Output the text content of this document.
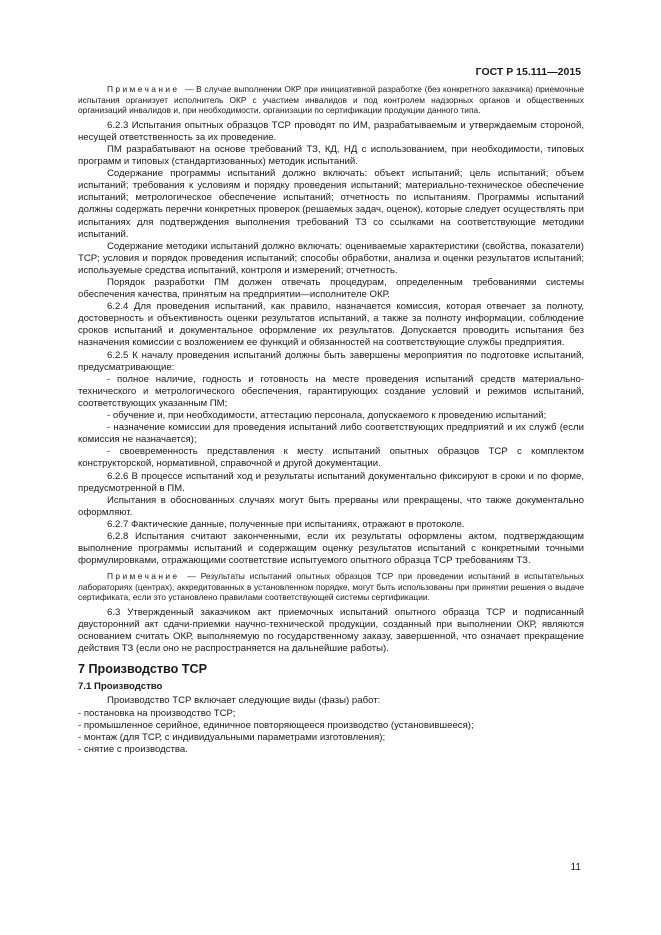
ГОСТ Р 15.111—2015

Примечание — В случае выполнении ОКР при инициативной разработке (без конкретного заказчика) приемочные испытания организует исполнитель ОКР с участием инвалидов и под контролем надзорных органов и общественных организаций инвалидов и, при необходимости, организации по сертификации продукции данного типа.

6.2.3 Испытания опытных образцов ТСР проводят по ИМ, разрабатываемым и утверждаемым стороной, несущей ответственность за их проведение.

ПМ разрабатывают на основе требований ТЗ, КД, НД с использованием, при необходимости, типовых программ и типовых (стандартизованных) методик испытаний.

Содержание программы испытаний должно включать: объект испытаний; цель испытаний; объем испытаний; требования к условиям и порядку проведения испытаний; материально-техническое обеспечение испытаний; метрологическое обеспечение испытаний; отчетность по испытаниям. Программы испытаний должны содержать перечни конкретных проверок (решаемых задач, оценок), которые следует осуществлять при испытаниях для подтверждения выполнения требований ТЗ со ссылками на соответствующие методики испытаний.

Содержание методики испытаний должно включать: оцениваемые характеристики (свойства, показатели) ТСР; условия и порядок проведения испытаний; способы обработки, анализа и оценки результатов испытаний; используемые средства испытаний, контроля и измерений; отчетность.

Порядок разработки ПМ должен отвечать процедурам, определенным требованиями системы обеспечения качества, принятым на предприятии—исполнителе ОКР.

6.2.4 Для проведения испытаний, как правило, назначается комиссия, которая отвечает за полноту, достоверность и объективность оценки результатов испытаний, а также за полноту информации, соблюдение сроков испытаний и документальное оформление их результатов. Допускается проводить испытания без назначения комиссии с возложением ее функций и обязанностей на соответствующие службы предприятия.

6.2.5 К началу проведения испытаний должны быть завершены мероприятия по подготовке испытаний, предусматривающие:

- полное наличие, годность и готовность на месте проведения испытаний средств материально-технического и метрологического обеспечения, гарантирующих создание условий и режимов испытаний, соответствующих указанным ПМ;

- обучение и, при необходимости, аттестацию персонала, допускаемого к проведению испытаний;

- назначение комиссии для проведения испытаний либо соответствующих предприятий и их служб (если комиссия не назначается);

- своевременность представления к месту испытаний опытных образцов ТСР с комплектом конструкторской, нормативной, справочной и другой документации.

6.2.6 В процессе испытаний ход и результаты испытаний документально фиксируют в сроки и по форме, предусмотренной в ПМ.

Испытания в обоснованных случаях могут быть прерваны или прекращены, что также документально оформляют.

6.2.7 Фактические данные, полученные при испытаниях, отражают в протоколе.

6.2.8 Испытания считают законченными, если их результаты оформлены актом, подтверждающим выполнение программы испытаний и содержащим оценку результатов испытаний с конкретными точными формулировками, отражающими соответствие испытуемого опытного образца ТСР требованиям ТЗ.

Примечание — Результаты испытаний опытных образцов ТСР при проведении испытаний в испытательных лабораториях (центрах), аккредитованных в установленном порядке, могут быть использованы при принятии решения о выдаче сертификата, если это установлено правилами соответствующей системы сертификации.

6.3 Утвержденный заказчиком акт приемочных испытаний опытного образца ТСР и подписанный двусторонний акт сдачи-приемки научно-технической продукции, созданный при выполнении ОКР, являются основанием считать ОКР, выполняемую по государственному заказу, завершенной, что означает прекращение действия ТЗ (если оно не распространяется на дальнейшие работы).

7 Производство ТСР
7.1 Производство

Производство ТСР включает следующие виды (фазы) работ:

- постановка на производство ТСР;

- промышленное серийное, единичное повторяющееся производство (установившееся);

- монтаж (для ТСР, с индивидуальными параметрами изготовления);

- снятие с производства.

11
